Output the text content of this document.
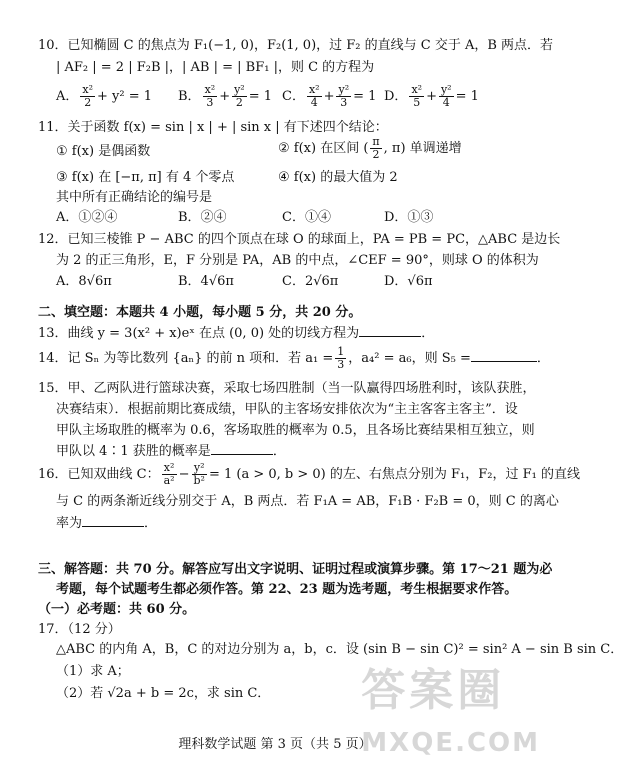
10．已知椭圆 C 的焦点为 F₁(−1, 0)，F₂(1, 0)，过 F₂ 的直线与 C 交于 A，B 两点．若
| AF₂ | = 2 | F₂B |，| AB | = | BF₁ |，则 C 的方程为
A． $\frac{\text{x²}}{2} + y^2 = 1$ B． $\frac{\text{x²}}{3} + \frac{\text{y²}}{2} = 1$ C． $\frac{\text{x²}}{4} + \frac{\text{y²}}{3} = 1$ D． $\frac{\text{x²}}{5} + \frac{\text{y²}}{4} = 1$
11．关于函数 f(x) = sin | x | + | sin x | 有下述四个结论：
① f(x) 是偶函数	② f(x) 在区间 ( $\frac{\pi}{2}$ , π) 单调递增
③ f(x) 在 [−π, π] 有 4 个零点	④ f(x) 的最大值为 2
其中所有正确结论的编号是
A．①②④	B．②④	C．①④	D．①③
12．已知三棱锥 P − ABC 的四个顶点在球 O 的球面上，PA = PB = PC，△ABC 是边长
为 2 的正三角形，E，F 分别是 PA，AB 的中点，∠CEF = 90°，则球 O 的体积为
A．8√6π	B．4√6π	C．2√6π	D．√6π
二、填空题：本题共 4 小题，每小题 5 分，共 20 分。
13．曲线 y = 3(x² + x)eˣ 在点 (0, 0) 处的切线方程为	．
14．记 Sₙ 为等比数列 {aₙ} 的前 n 项和．若 $a_1 = \frac{1}{3}$ ，a₄² = a₆，则 S₅ =	．
15．甲、乙两队进行篮球决赛，采取七场四胜制（当一队赢得四场胜利时，该队获胜，
决赛结束）．根据前期比赛成绩，甲队的主客场安排依次为“主主客客主客主”．设
甲队主场取胜的概率为 0.6，客场取胜的概率为 0.5，且各场比赛结果相互独立，则
甲队以 4∶1 获胜的概率是	．
16．已知双曲线 C： $\frac{\text{x²}}{\text{a²}} - \frac{\text{y²}}{\text{b²}} = 1$ (a > 0, b > 0) 的左、右焦点分别为 F₁，F₂，过 F₁ 的直线
与 C 的两条渐近线分别交于 A，B 两点．若 F₁A = AB，F₁B · F₂B = 0，则 C 的离心
率为	．
三、解答题：共 70 分。解答应写出文字说明、证明过程或演算步骤。第 17～21 题为必
考题，每个试题考生都必须作答。第 22、23 题为选考题，考生根据要求作答。
（一）必考题：共 60 分。
17．（12 分）
△ABC 的内角 A，B，C 的对边分别为 a，b，c．设 (sin B − sin C)² = sin² A − sin B sin C．
（1）求 A；
（2）若 √2a + b = 2c，求 sin C．
理科数学试题 第 3 页（共 5 页）
答案圈
MXQE.COM
